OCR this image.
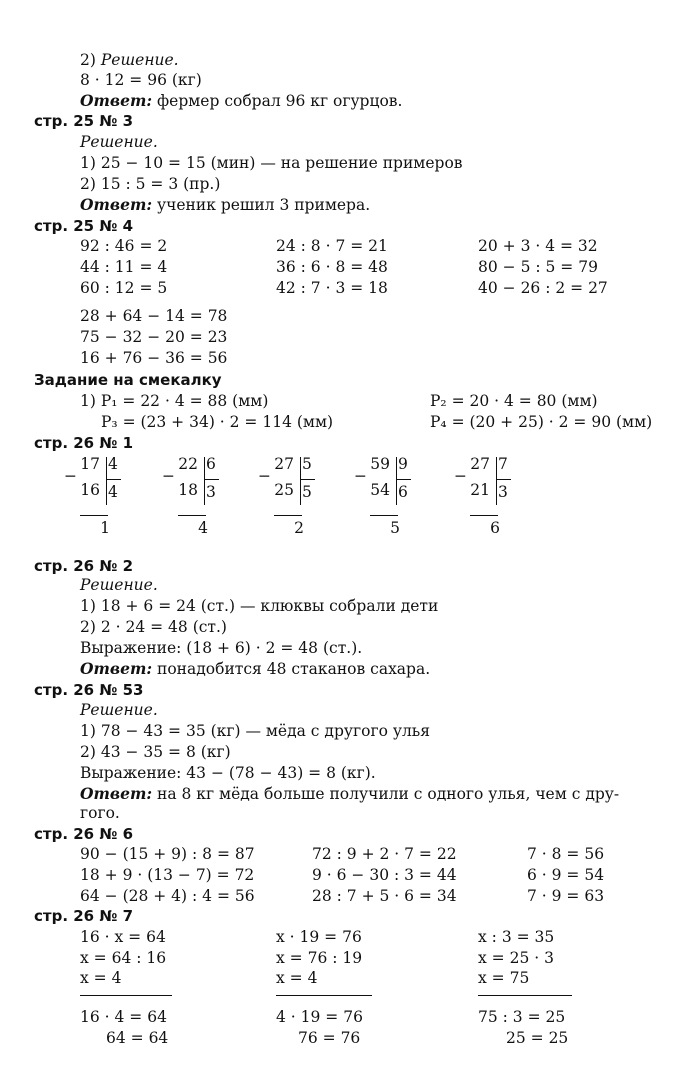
2) Решение.
8 · 12 = 96 (кг)
Ответ: фермер собрал 96 кг огурцов.
стр. 25 № 3
Решение.
1) 25 − 10 = 15 (мин) — на решение примеров
2) 15 : 5 = 3 (пр.)
Ответ: ученик решил 3 примера.
стр. 25 № 4
92 : 46 = 2
44 : 11 = 4
60 : 12 = 5
24 : 8 · 7 = 21
36 : 6 · 8 = 48
42 : 7 · 3 = 18
20 + 3 · 4 = 32
80 − 5 : 5 = 79
40 − 26 : 2 = 27
28 + 64 − 14 = 78
75 − 32 − 20 = 23
16 + 76 − 36 = 56
Задание на смекалку
1) P₁ = 22 · 4 = 88 (мм)	P₂ = 20 · 4 = 80 (мм)
P₃ = (23 + 34) · 2 = 114 (мм)	P₄ = (20 + 25) · 2 = 90 (мм)
стр. 26 № 1
17
−
16
4
4
1
22
−
18
6
3
4
27
−
25
5
5
2
59
−
54
9
6
5
27
−
21
7
3
6
стр. 26 № 2
Решение.
1) 18 + 6 = 24 (ст.) — клюквы собрали дети
2) 2 · 24 = 48 (ст.)
Выражение: (18 + 6) · 2 = 48 (ст.).
Ответ: понадобится 48 стаканов сахара.
стр. 26 № 53
Решение.
1) 78 − 43 = 35 (кг) — мёда с другого улья
2) 43 − 35 = 8 (кг)
Выражение: 43 − (78 − 43) = 8 (кг).
Ответ: на 8 кг мёда больше получили с одного улья, чем с дру-
гого.
стр. 26 № 6
90 − (15 + 9) : 8 = 87
18 + 9 · (13 − 7) = 72
64 − (28 + 4) : 4 = 56
72 : 9 + 2 · 7 = 22
9 · 6 − 30 : 3 = 44
28 : 7 + 5 · 6 = 34
7 · 8 = 56
6 · 9 = 54
7 · 9 = 63
стр. 26 № 7
16 · x = 64
x = 64 : 16
x = 4
16 · 4 = 64
64 = 64
x · 19 = 76
x = 76 : 19
x = 4
4 · 19 = 76
76 = 76
x : 3 = 35
x = 25 · 3
x = 75
75 : 3 = 25
25 = 25
